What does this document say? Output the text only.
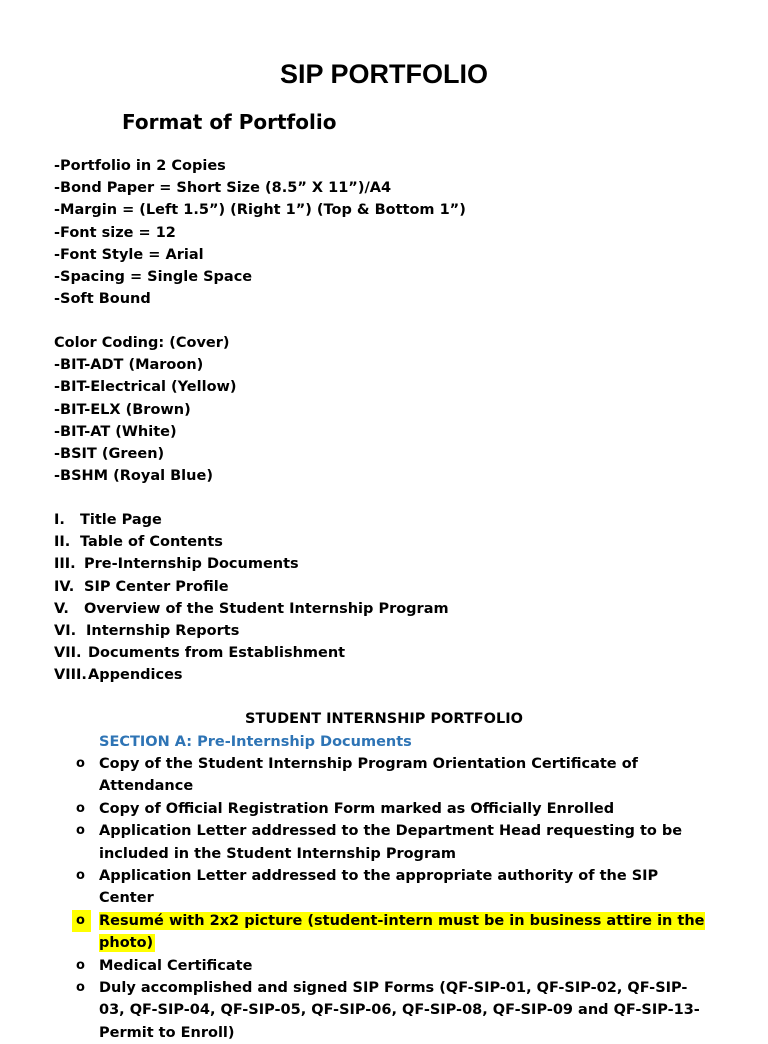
SIP PORTFOLIO
Format of Portfolio
-Portfolio in 2 Copies
-Bond Paper = Short Size (8.5” X 11”)/A4
-Margin = (Left 1.5”) (Right 1”) (Top & Bottom 1”)
-Font size = 12
-Font Style = Arial
-Spacing = Single Space
-Soft Bound
Color Coding: (Cover)
-BIT-ADT (Maroon)
-BIT-Electrical (Yellow)
-BIT-ELX (Brown)
-BIT-AT (White)
-BSIT (Green)
-BSHM (Royal Blue)
I.	Title Page
II. Table of Contents
III. Pre-Internship Documents
IV. SIP Center Profile
V.	Overview of the Student Internship Program
VI. Internship Reports
VII. Documents from Establishment
VIII. Appendices
STUDENT INTERNSHIP PORTFOLIO
SECTION A: Pre-Internship Documents
o Copy of the Student Internship Program Orientation Certificate of Attendance
o Copy of Official Registration Form marked as Officially Enrolled
o Application Letter addressed to the Department Head requesting to be included in the Student Internship Program
o Application Letter addressed to the appropriate authority of the SIP Center
o Resumé with 2x2 picture (student-intern must be in business attire in the photo)
o Medical Certificate
o Duly accomplished and signed SIP Forms (QF-SIP-01, QF-SIP-02, QF-SIP-03, QF-SIP-04, QF-SIP-05, QF-SIP-06, QF-SIP-08, QF-SIP-09 and QF-SIP-13-Permit to Enroll)
